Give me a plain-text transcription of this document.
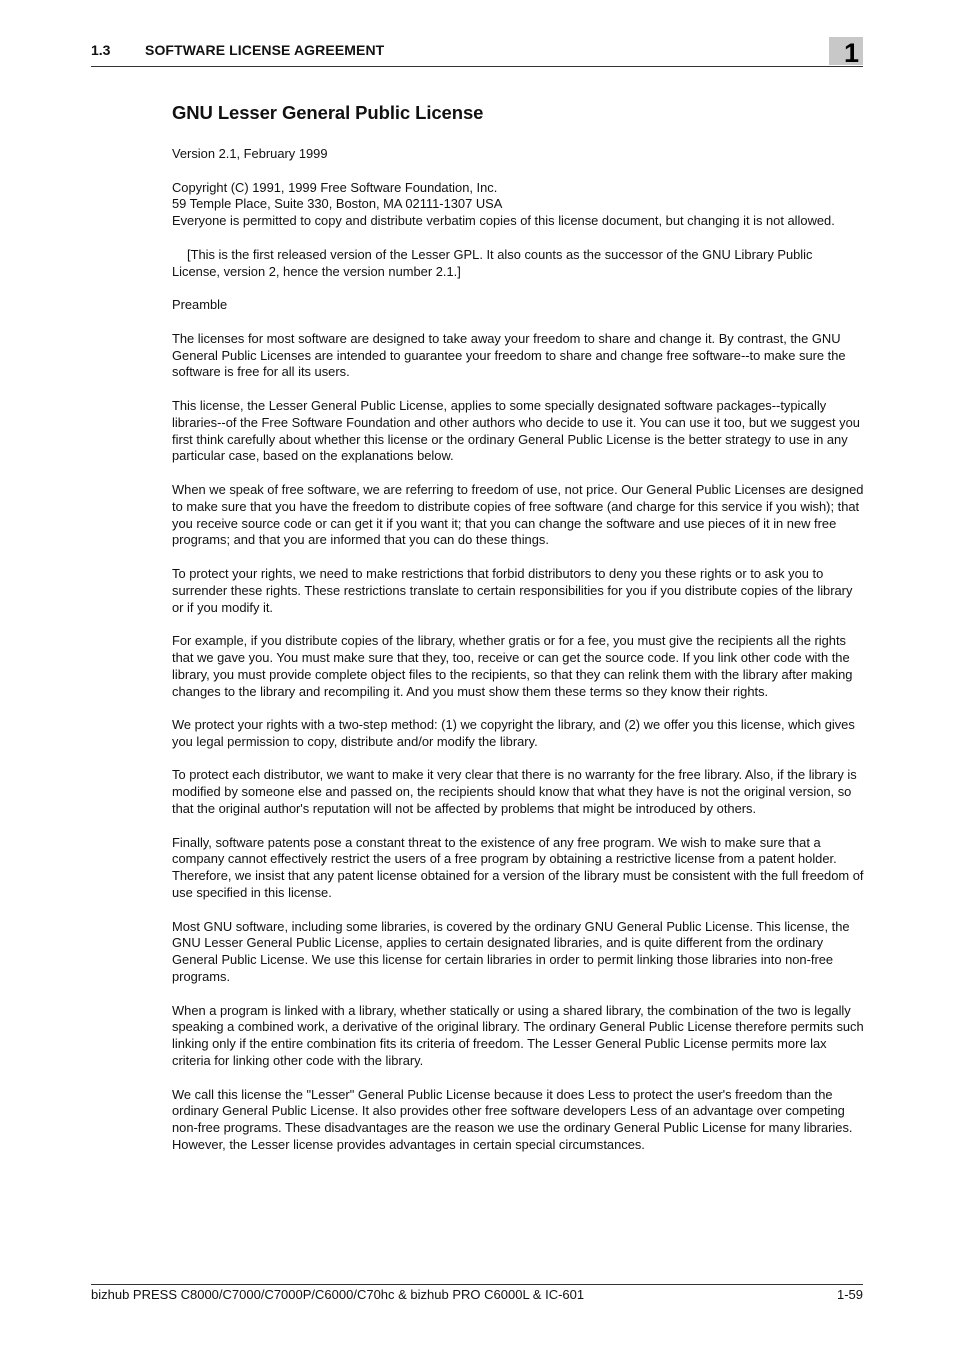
1.3 SOFTWARE LICENSE AGREEMENT	1
GNU Lesser General Public License
Version 2.1, February 1999
Copyright (C) 1991, 1999 Free Software Foundation, Inc.
59 Temple Place, Suite 330, Boston, MA 02111-1307 USA
Everyone is permitted to copy and distribute verbatim copies of this license document, but changing it is not allowed.
[This is the first released version of the Lesser GPL. It also counts as the successor of the GNU Library Public License, version 2, hence the version number 2.1.]
Preamble
The licenses for most software are designed to take away your freedom to share and change it. By contrast, the GNU General Public Licenses are intended to guarantee your freedom to share and change free software--to make sure the software is free for all its users.
This license, the Lesser General Public License, applies to some specially designated software packages--typically libraries--of the Free Software Foundation and other authors who decide to use it. You can use it too, but we suggest you first think carefully about whether this license or the ordinary General Public License is the better strategy to use in any particular case, based on the explanations below.
When we speak of free software, we are referring to freedom of use, not price. Our General Public Licenses are designed to make sure that you have the freedom to distribute copies of free software (and charge for this service if you wish); that you receive source code or can get it if you want it; that you can change the software and use pieces of it in new free programs; and that you are informed that you can do these things.
To protect your rights, we need to make restrictions that forbid distributors to deny you these rights or to ask you to surrender these rights. These restrictions translate to certain responsibilities for you if you distribute copies of the library or if you modify it.
For example, if you distribute copies of the library, whether gratis or for a fee, you must give the recipients all the rights that we gave you. You must make sure that they, too, receive or can get the source code. If you link other code with the library, you must provide complete object files to the recipients, so that they can relink them with the library after making changes to the library and recompiling it. And you must show them these terms so they know their rights.
We protect your rights with a two-step method: (1) we copyright the library, and (2) we offer you this license, which gives you legal permission to copy, distribute and/or modify the library.
To protect each distributor, we want to make it very clear that there is no warranty for the free library. Also, if the library is modified by someone else and passed on, the recipients should know that what they have is not the original version, so that the original author's reputation will not be affected by problems that might be introduced by others.
Finally, software patents pose a constant threat to the existence of any free program. We wish to make sure that a company cannot effectively restrict the users of a free program by obtaining a restrictive license from a patent holder.
Therefore, we insist that any patent license obtained for a version of the library must be consistent with the full freedom of use specified in this license.
Most GNU software, including some libraries, is covered by the ordinary GNU General Public License. This license, the GNU Lesser General Public License, applies to certain designated libraries, and is quite different from the ordinary General Public License. We use this license for certain libraries in order to permit linking those libraries into non-free programs.
When a program is linked with a library, whether statically or using a shared library, the combination of the two is legally speaking a combined work, a derivative of the original library. The ordinary General Public License therefore permits such linking only if the entire combination fits its criteria of freedom. The Lesser General Public License permits more lax criteria for linking other code with the library.
We call this license the "Lesser" General Public License because it does Less to protect the user's freedom than the ordinary General Public License. It also provides other free software developers Less of an advantage over competing non-free programs. These disadvantages are the reason we use the ordinary General Public License for many libraries. However, the Lesser license provides advantages in certain special circumstances.
bizhub PRESS C8000/C7000/C7000P/C6000/C70hc & bizhub PRO C6000L & IC-601	1-59
